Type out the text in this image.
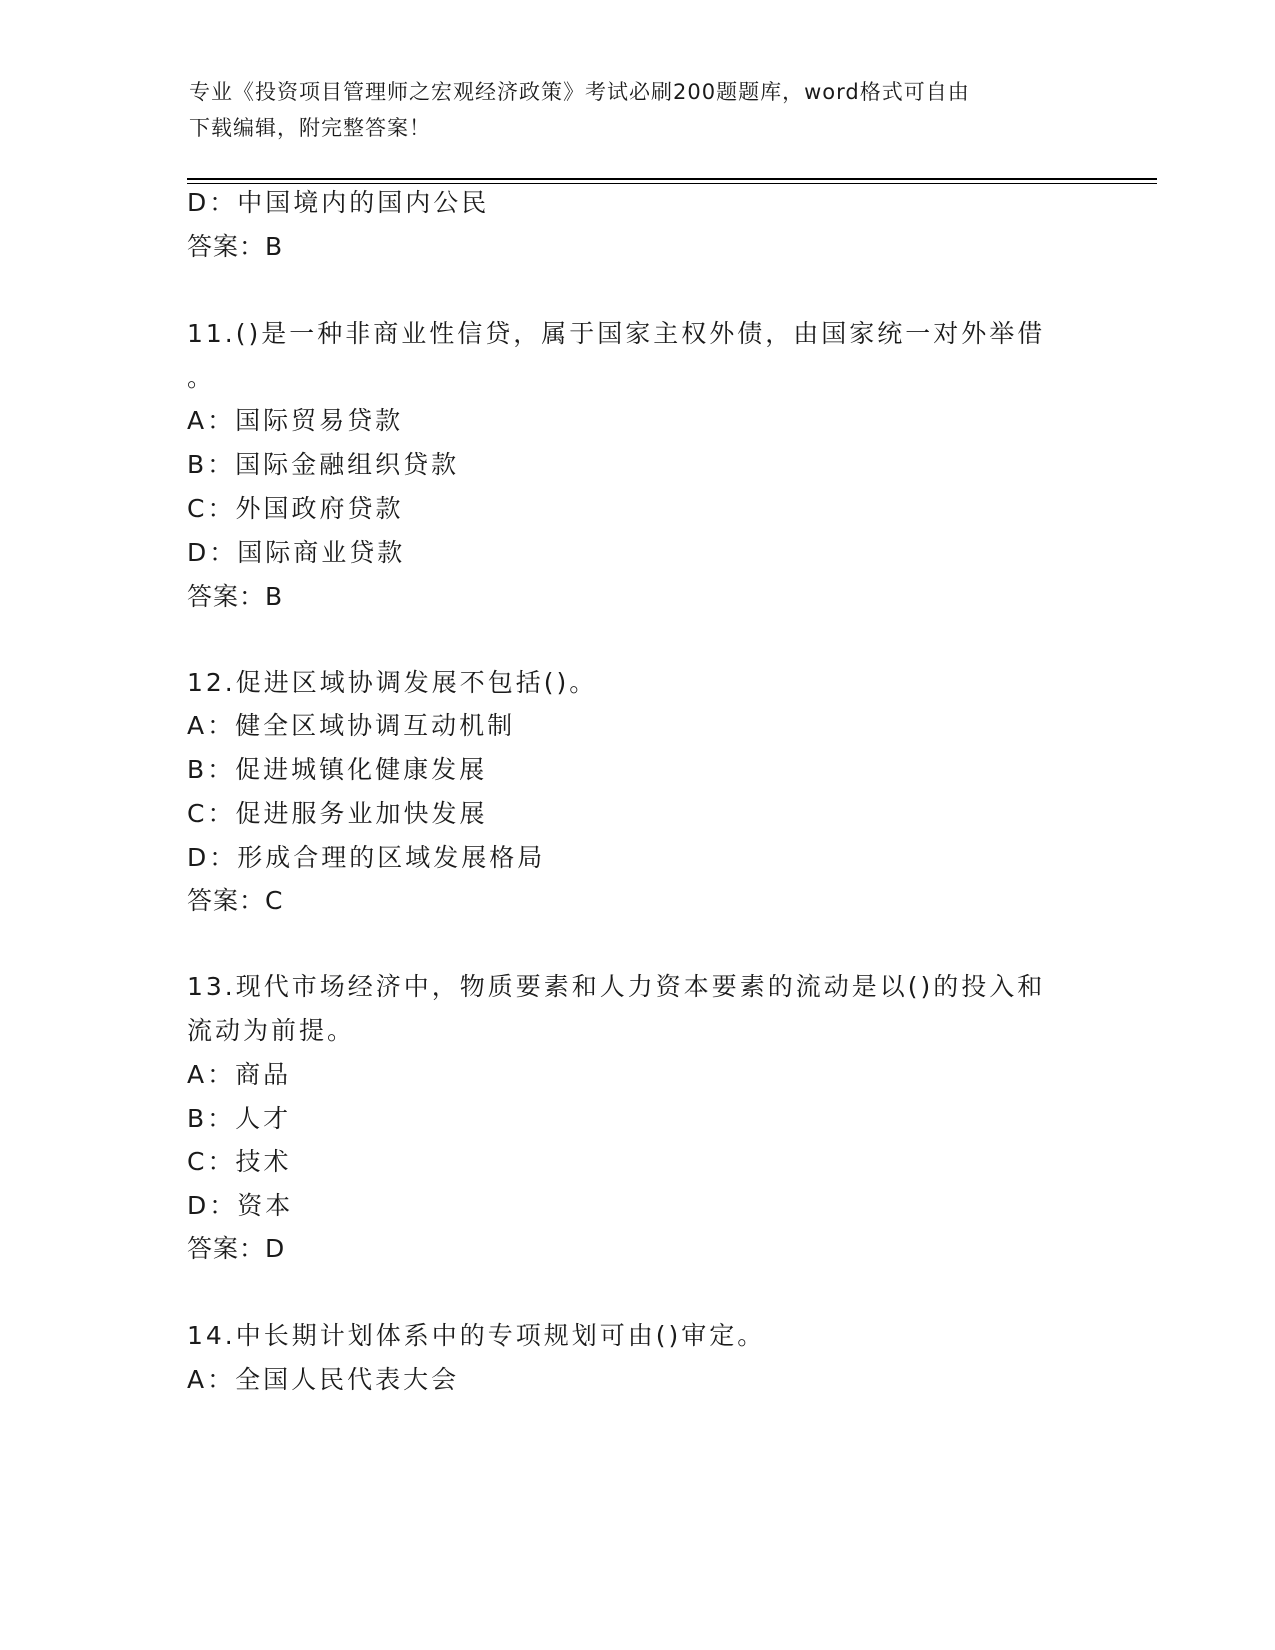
专业《投资项目管理师之宏观经济政策》考试必刷200题题库，word格式可自由
下载编辑，附完整答案！
D：中国境内的国内公民
答案：B
11.()是一种非商业性信贷，属于国家主权外债，由国家统一对外举借
。
A：国际贸易贷款
B：国际金融组织贷款
C：外国政府贷款
D：国际商业贷款
答案：B
12.促进区域协调发展不包括()。
A：健全区域协调互动机制
B：促进城镇化健康发展
C：促进服务业加快发展
D：形成合理的区域发展格局
答案：C
13.现代市场经济中，物质要素和人力资本要素的流动是以()的投入和
流动为前提。
A：商品
B：人才
C：技术
D：资本
答案：D
14.中长期计划体系中的专项规划可由()审定。
A：全国人民代表大会
